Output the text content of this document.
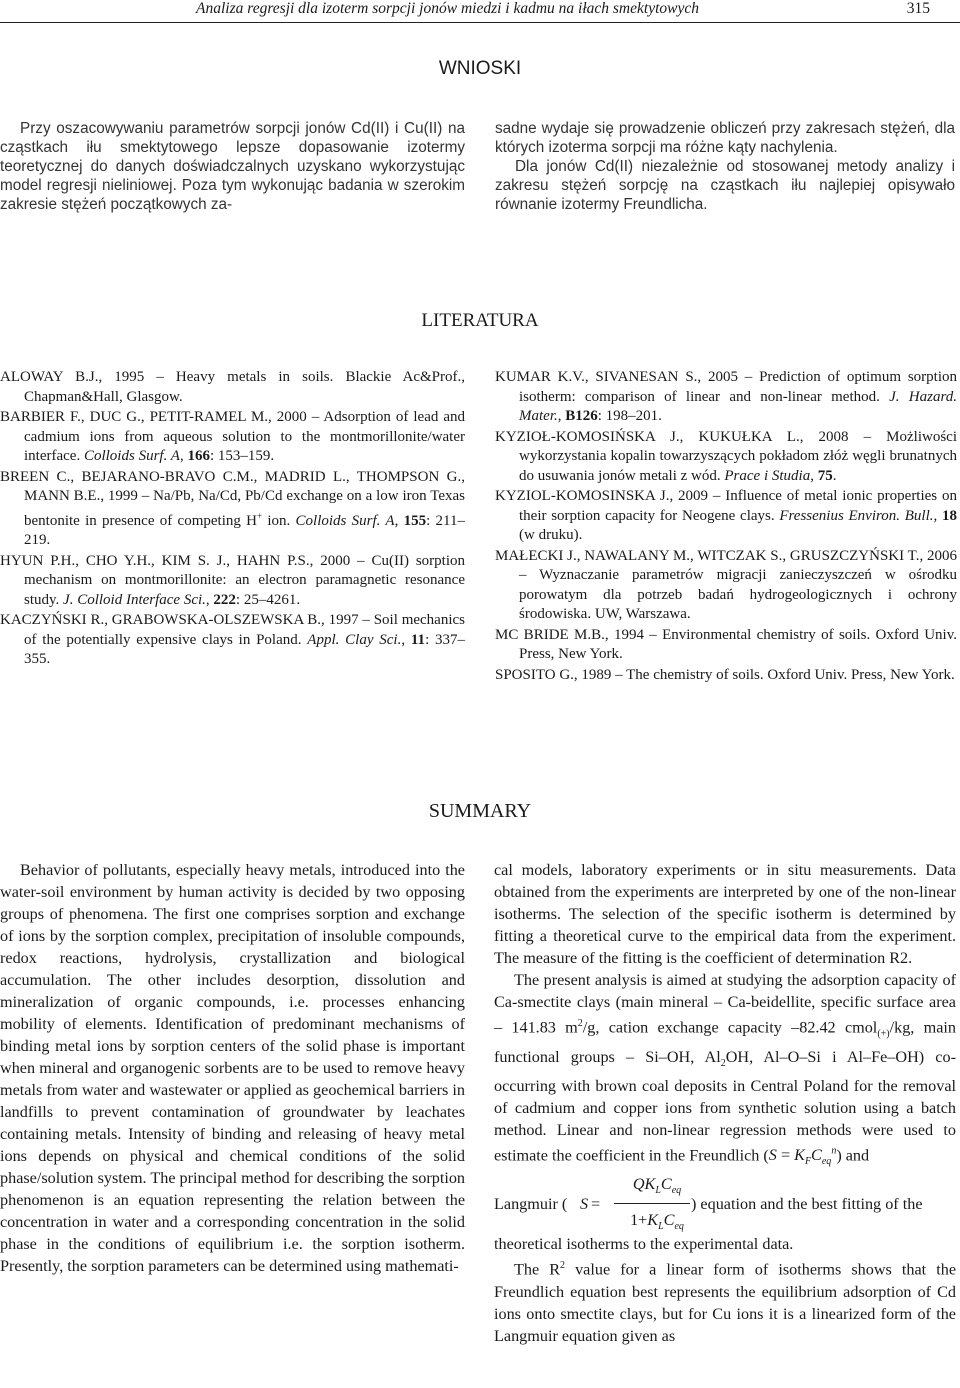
Analiza regresji dla izoterm sorpcji jonów miedzi i kadmu na iłach smektytowych	315
WNIOSKI

Przy oszacowywaniu parametrów sorpcji jonów Cd(II) i Cu(II) na cząstkach iłu smektytowego lepsze dopasowanie izotermy teoretycznej do danych doświadczalnych uzyskano wykorzystując model regresji nieliniowej. Poza tym wykonując badania w szerokim zakresie stężeń początkowych za-

sadne wydaje się prowadzenie obliczeń przy zakresach stężeń, dla których izoterma sorpcji ma różne kąty nachylenia.

Dla jonów Cd(II) niezależnie od stosowanej metody analizy i zakresu stężeń sorpcję na cząstkach iłu najlepiej opisywało równanie izotermy Freundlicha.

LITERATURA
ALOWAY B.J., 1995 – Heavy metals in soils. Blackie Ac&Prof., Chapman&Hall, Glasgow.
BARBIER F., DUC G., PETIT-RAMEL M., 2000 – Adsorption of lead and cadmium ions from aqueous solution to the montmorillonite/water interface. Colloids Surf. A, 166: 153–159.
BREEN C., BEJARANO-BRAVO C.M., MADRID L., THOMPSON G., MANN B.E., 1999 – Na/Pb, Na/Cd, Pb/Cd exchange on a low iron Texas bentonite in presence of competing H+ ion. Colloids Surf. A, 155: 211–219.
HYUN P.H., CHO Y.H., KIM S. J., HAHN P.S., 2000 – Cu(II) sorption mechanism on montmorillonite: an electron paramagnetic resonance study. J. Colloid Interface Sci., 222: 25–4261.
KACZYŃSKI R., GRABOWSKA-OLSZEWSKA B., 1997 – Soil mechanics of the potentially expensive clays in Poland. Appl. Clay Sci., 11: 337–355.
KUMAR K.V., SIVANESAN S., 2005 – Prediction of optimum sorption isotherm: comparison of linear and non-linear method. J. Hazard. Mater., B126: 198–201.
KYZIOŁ-KOMOSIŃSKA J., KUKUŁKA L., 2008 – Możliwości wykorzystania kopalin towarzyszących pokładom złóż węgli brunatnych do usuwania jonów metali z wód. Prace i Studia, 75.
KYZIOL-KOMOSINSKA J., 2009 – Influence of metal ionic properties on their sorption capacity for Neogene clays. Fressenius Environ. Bull., 18 (w druku).
MAŁECKI J., NAWALANY M., WITCZAK S., GRUSZCZYŃSKI T., 2006 – Wyznaczanie parametrów migracji zanieczyszczeń w ośrodku porowatym dla potrzeb badań hydrogeologicznych i ochrony środowiska. UW, Warszawa.
MC BRIDE M.B., 1994 – Environmental chemistry of soils. Oxford Univ. Press, New York.
SPOSITO G., 1989 – The chemistry of soils. Oxford Univ. Press, New York.
SUMMARY

Behavior of pollutants, especially heavy metals, introduced into the water-soil environment by human activity is decided by two opposing groups of phenomena. The first one comprises sorption and exchange of ions by the sorption complex, precipitation of insoluble compounds, redox reactions, hydrolysis, crystallization and biological accumulation. The other includes desorption, dissolution and mineralization of organic compounds, i.e. processes enhancing mobility of elements. Identification of predominant mechanisms of binding metal ions by sorption centers of the solid phase is important when mineral and organogenic sorbents are to be used to remove heavy metals from water and wastewater or applied as geochemical barriers in landfills to prevent contamination of groundwater by leachates containing metals. Intensity of binding and releasing of heavy metal ions depends on physical and chemical conditions of the solid phase/solution system. The principal method for describing the sorption phenomenon is an equation representing the relation between the concentration in water and a corresponding concentration in the solid phase in the conditions of equilibrium i.e. the sorption isotherm. Presently, the sorption parameters can be determined using mathemati-

cal models, laboratory experiments or in situ measurements. Data obtained from the experiments are interpreted by one of the non-linear isotherms. The selection of the specific isotherm is determined by fitting a theoretical curve to the empirical data from the experiment. The measure of the fitting is the coefficient of determination R2.

The present analysis is aimed at studying the adsorption capacity of Ca-smectite clays (main mineral – Ca-beidellite, specific surface area – 141.83 $m^2/g$, cation exchange capacity –82.42 cmol$_{(+)}$/kg, main functional groups – Si–OH, $Al_2OH$, Al–O–Si i Al–Fe–OH) co-occurring with brown coal deposits in Central Poland for the removal of cadmium and copper ions from synthetic solution using a batch method. Linear and non-linear regression methods were used to estimate the coefficient in the Freundlich $(S = K_FC_{eq}^n)$ and

Langmuir ( S =
$QK_LC_{eq}$
$1+K_LC_{eq}$
) equation and the best fitting of the

theoretical isotherms to the experimental data.

The $R^2$ value for a linear form of isotherms shows that the Freundlich equation best represents the equilibrium adsorption of Cd ions onto smectite clays, but for Cu ions it is a linearized form of the Langmuir equation given as
